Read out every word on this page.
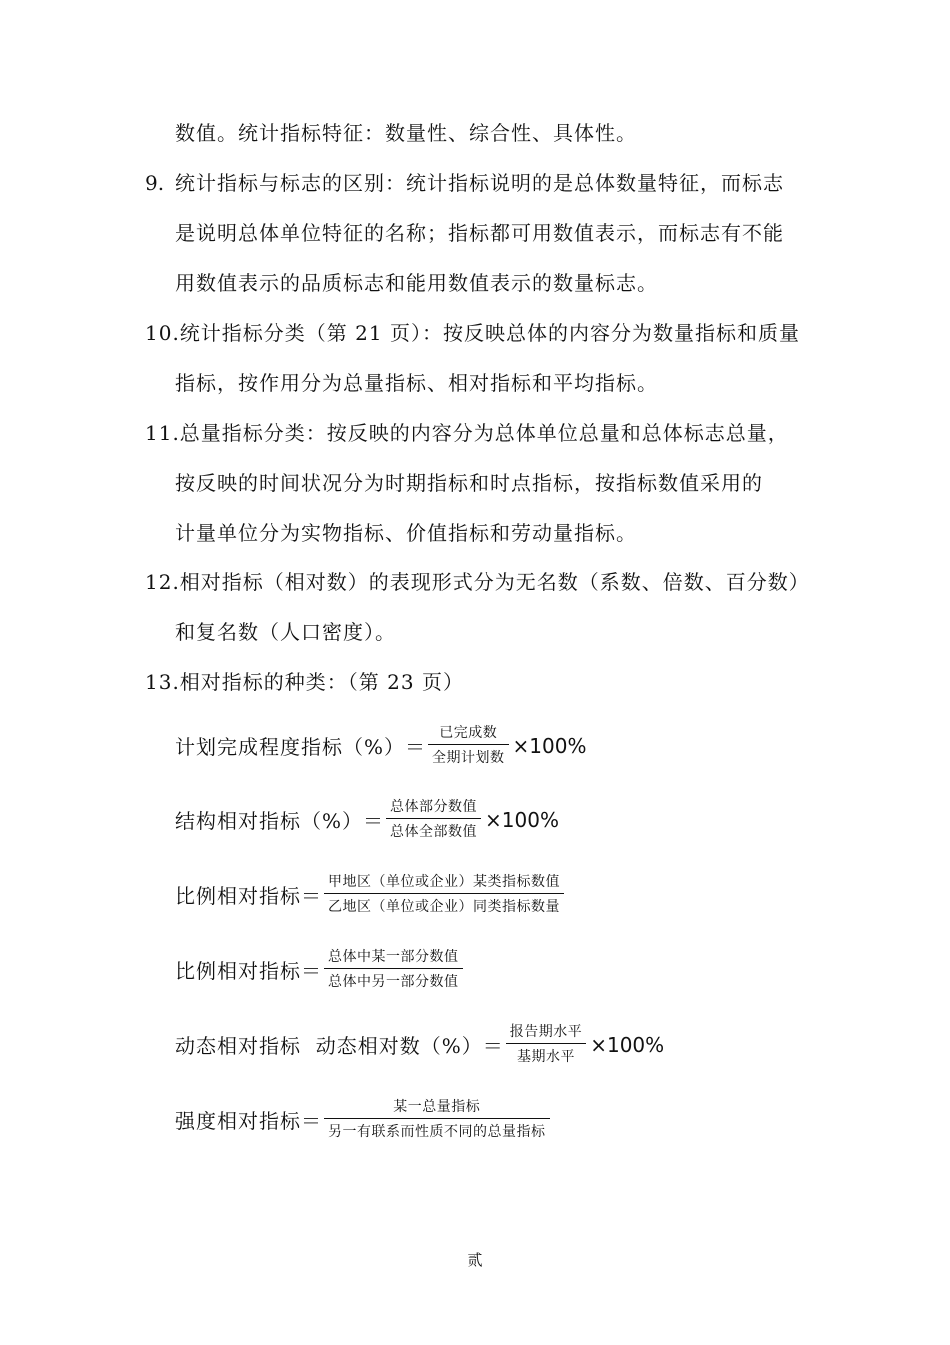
数值。统计指标特征：数量性、综合性、具体性。
9. 统计指标与标志的区别：统计指标说明的是总体数量特征，而标志
是说明总体单位特征的名称；指标都可用数值表示，而标志有不能
用数值表示的品质标志和能用数值表示的数量标志。
10.统计指标分类（第 21 页）：按反映总体的内容分为数量指标和质量
指标，按作用分为总量指标、相对指标和平均指标。
11.总量指标分类：按反映的内容分为总体单位总量和总体标志总量，
按反映的时间状况分为时期指标和时点指标，按指标数值采用的
计量单位分为实物指标、价值指标和劳动量指标。
12.相对指标（相对数）的表现形式分为无名数（系数、倍数、百分数）
和复名数（人口密度）。
13.相对指标的种类：（第 23 页）
计划完成程度指标（%）＝ $\frac{\text{已完成数}}{\text{全期计划数}} \times 100\%$
结构相对指标（%）＝ $\frac{\text{总体部分数值}}{\text{总体全部数值}} \times 100\%$
比例相对指标＝ $\frac{\text{甲地区（单位或企业）某类指标数值}}{\text{乙地区（单位或企业）同类指标数量}}$
比例相对指标＝ $\frac{\text{总体中某一部分数值}}{\text{总体中另一部分数值}}$
动态相对指标  动态相对数（%）＝ $\frac{\text{报告期水平}}{\text{基期水平}} \times 100\%$
强度相对指标＝ $\frac{\text{某一总量指标}}{\text{另一有联系而性质不同的总量指标}}$
贰
